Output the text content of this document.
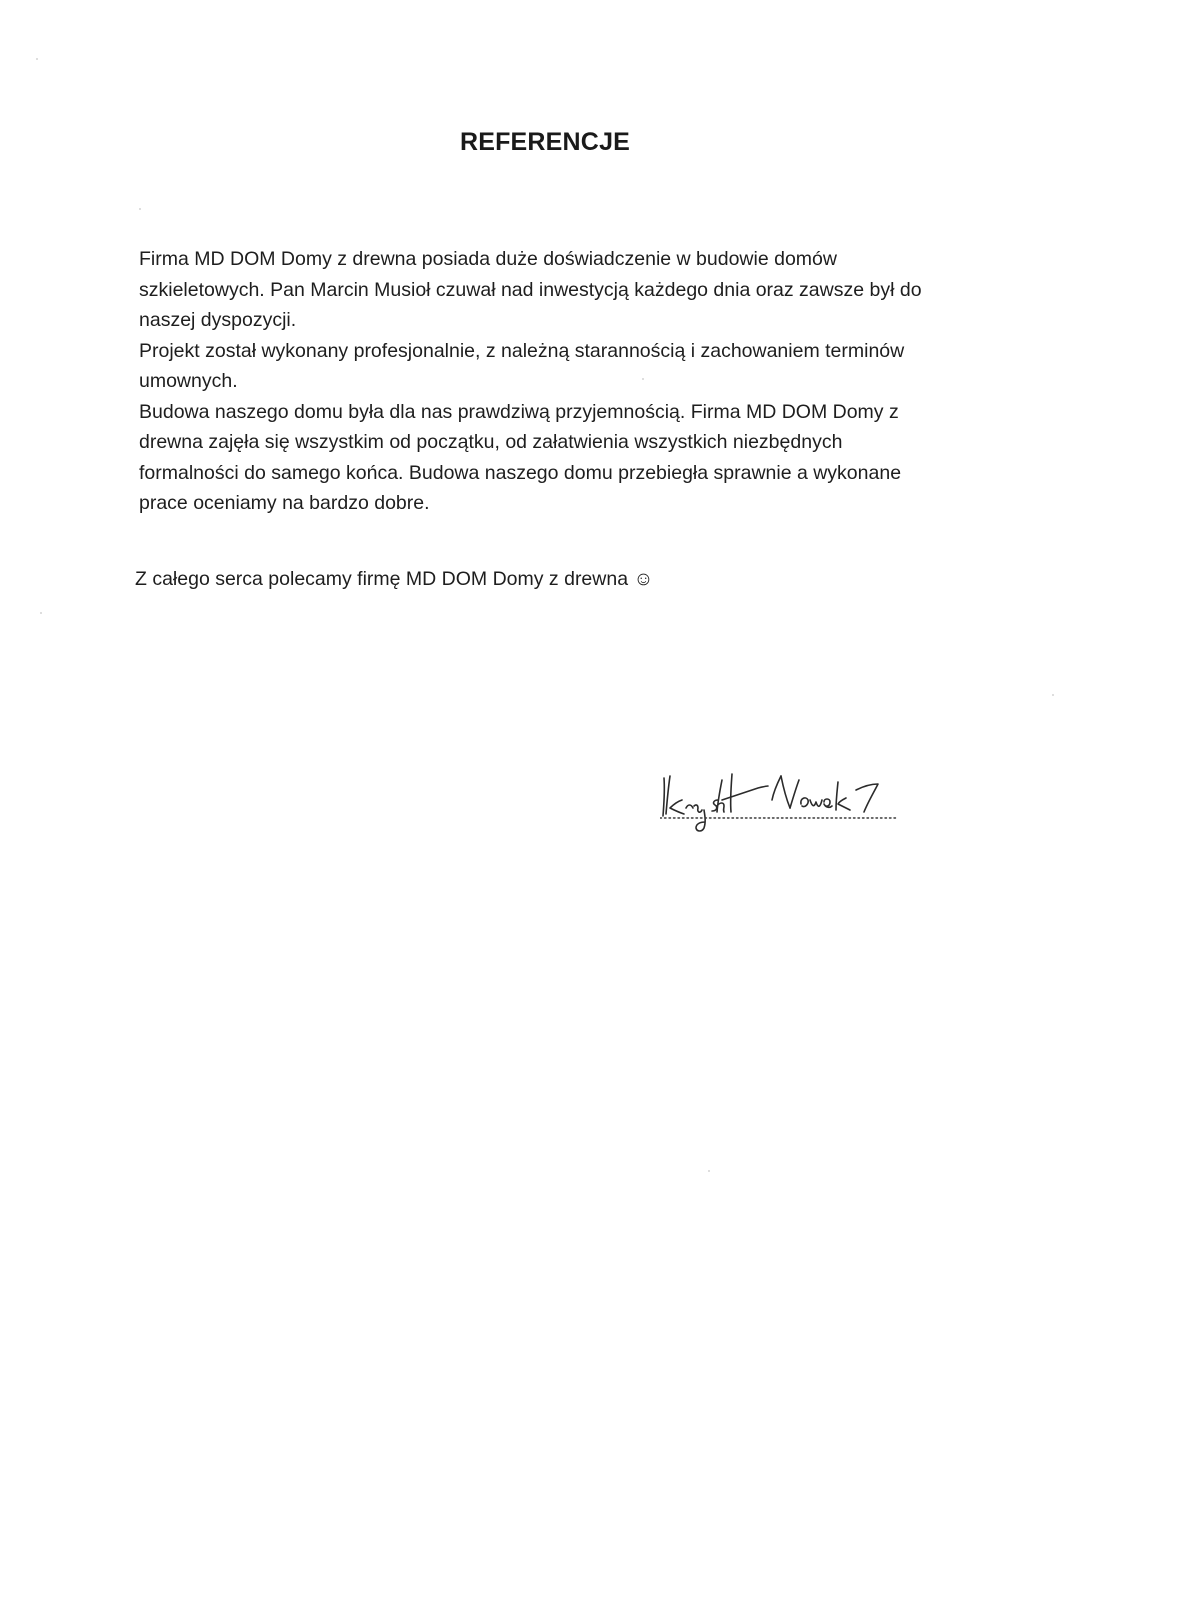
REFERENCJE
Firma MD DOM Domy z drewna posiada duże doświadczenie w budowie domów
szkieletowych. Pan Marcin Musioł czuwał nad inwestycją każdego dnia oraz zawsze był do
naszej dyspozycji.
Projekt został wykonany profesjonalnie, z należną starannością i zachowaniem terminów
umownych.
Budowa naszego domu była dla nas prawdziwą przyjemnością. Firma MD DOM Domy z
drewna zajęła się wszystkim od początku, od załatwienia wszystkich niezbędnych
formalności do samego końca. Budowa naszego domu przebiegła sprawnie a wykonane
prace oceniamy na bardzo dobre.
Z całego serca polecamy firmę MD DOM Domy z drewna ☺
